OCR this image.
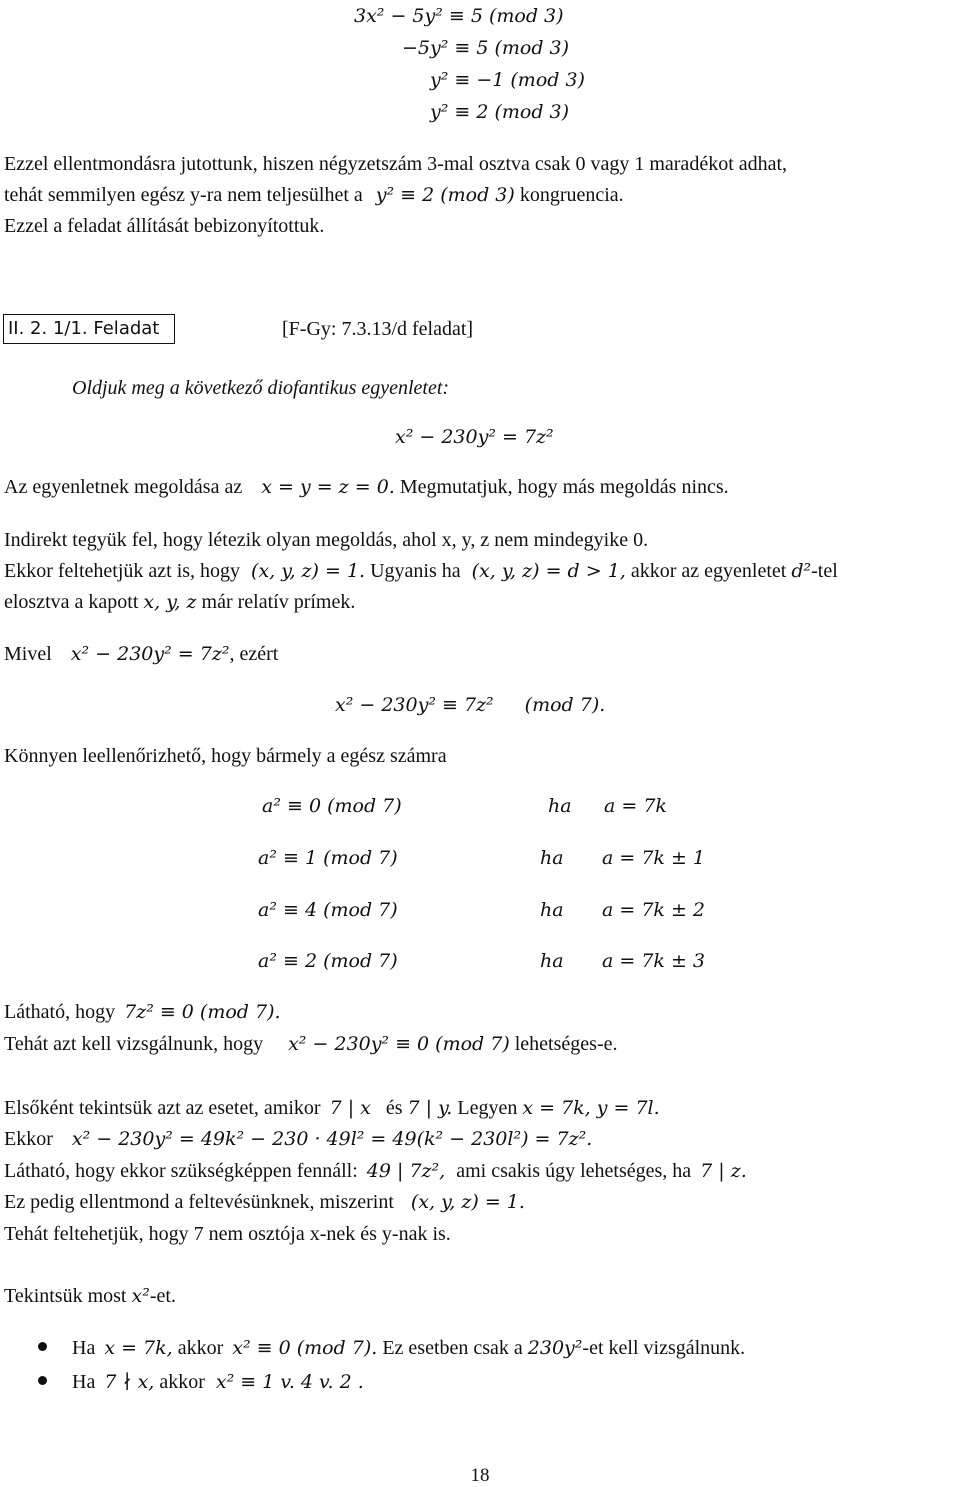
3x² − 5y² ≡ 5 (mod 3)
−5y² ≡ 5 (mod 3)
y² ≡ −1 (mod 3)
y² ≡ 2 (mod 3)
Ezzel ellentmondásra jutottunk, hiszen négyzetszám 3-mal osztva csak 0 vagy 1 maradékot adhat,
tehát semmilyen egész y-ra nem teljesülhet a y² ≡ 2 (mod 3) kongruencia.
Ezzel a feladat állítását bebizonyítottuk.
II. 2. 1/1. Feladat	[F-Gy: 7.3.13/d feladat]
Oldjuk meg a következő diofantikus egyenletet:
x² − 230y² = 7z²
Az egyenletnek megoldása az x = y = z = 0. Megmutatjuk, hogy más megoldás nincs.
Indirekt tegyük fel, hogy létezik olyan megoldás, ahol x, y, z nem mindegyike 0.
Ekkor feltehetjük azt is, hogy (x, y, z) = 1. Ugyanis ha (x, y, z) = d > 1, akkor az egyenletet d²-tel
elosztva a kapott x, y, z már relatív prímek.
Mivel x² − 230y² = 7z², ezért
x² − 230y² ≡ 7z² (mod 7).
Könnyen leellenőrizhető, hogy bármely a egész számra
a² ≡ 0 (mod 7)	ha a = 7k
a² ≡ 1 (mod 7)	ha a = 7k ± 1
a² ≡ 4 (mod 7)	ha a = 7k ± 2
a² ≡ 2 (mod 7)	ha a = 7k ± 3
Látható, hogy 7z² ≡ 0 (mod 7).
Tehát azt kell vizsgálnunk, hogy x² − 230y² ≡ 0 (mod 7) lehetséges-e.
Elsőként tekintsük azt az esetet, amikor 7 | x és 7 | y. Legyen x = 7k, y = 7l.
Ekkor x² − 230y² = 49k² − 230 · 49l² = 49(k² − 230l²) = 7z².
Látható, hogy ekkor szükségképpen fennáll: 49 | 7z², ami csakis úgy lehetséges, ha 7 | z.
Ez pedig ellentmond a feltevésünknek, miszerint (x, y, z) = 1.
Tehát feltehetjük, hogy 7 nem osztója x-nek és y-nak is.
Tekintsük most x²-et.
Ha x = 7k, akkor x² ≡ 0 (mod 7). Ez esetben csak a 230y²-et kell vizsgálnunk.
Ha 7 ∤ x, akkor x² ≡ 1 v. 4 v. 2 .
18
